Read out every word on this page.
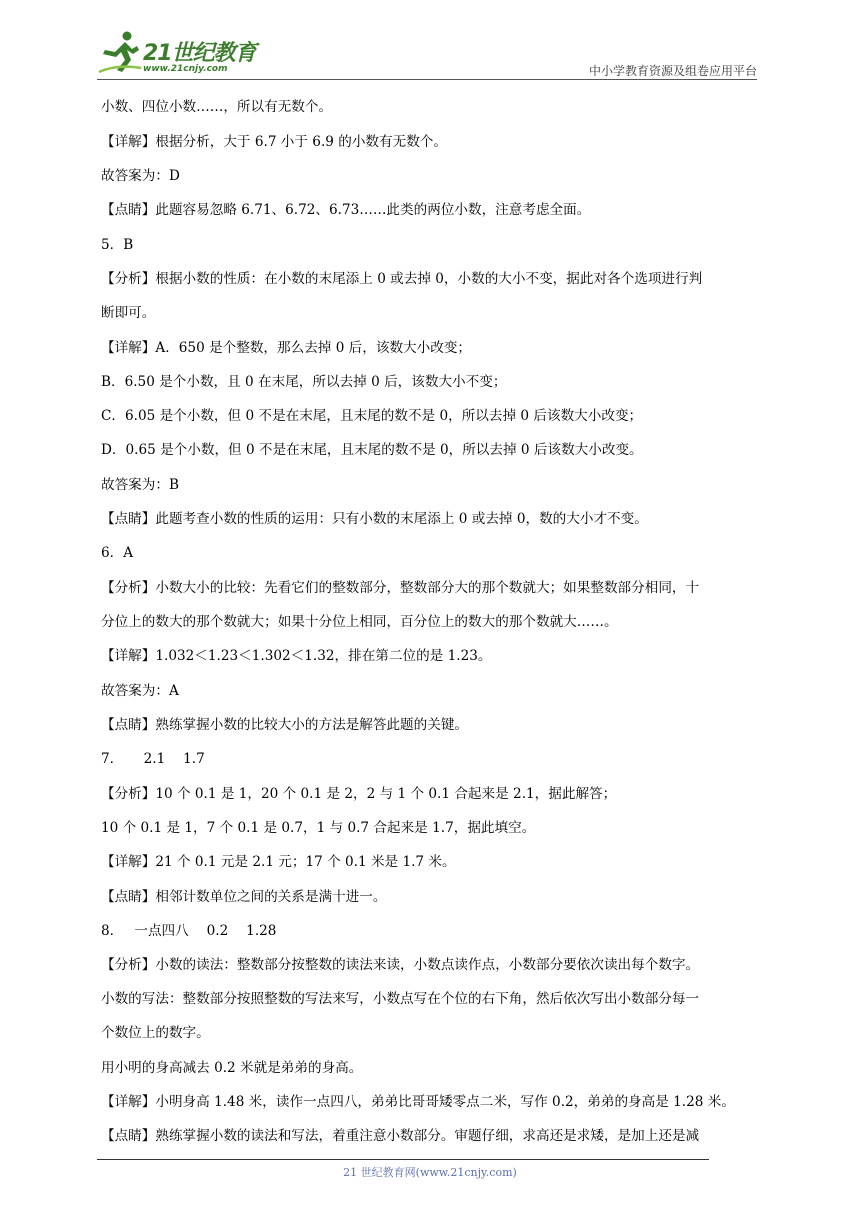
21世纪教育
www.21cnjy.com	中小学教育资源及组卷应用平台
小数、四位小数……，所以有无数个。
【详解】根据分析，大于 6.7 小于 6.9 的小数有无数个。
故答案为：D
【点睛】此题容易忽略 6.71、6.72、6.73……此类的两位小数，注意考虑全面。
5．B
【分析】根据小数的性质：在小数的末尾添上 0 或去掉 0，小数的大小不变，据此对各个选项进行判
断即可。
【详解】A．650 是个整数，那么去掉 0 后，该数大小改变；
B．6.50 是个小数，且 0 在末尾，所以去掉 0 后，该数大小不变；
C．6.05 是个小数，但 0 不是在末尾，且末尾的数不是 0，所以去掉 0 后该数大小改变；
D．0.65 是个小数，但 0 不是在末尾，且末尾的数不是 0，所以去掉 0 后该数大小改变。
故答案为：B
【点睛】此题考查小数的性质的运用：只有小数的末尾添上 0 或去掉 0，数的大小才不变。
6．A
【分析】小数大小的比较：先看它们的整数部分，整数部分大的那个数就大；如果整数部分相同，十
分位上的数大的那个数就大；如果十分位上相同，百分位上的数大的那个数就大……。
【详解】1.032＜1.23＜1.302＜1.32，排在第二位的是 1.23。
故答案为：A
【点睛】熟练掌握小数的比较大小的方法是解答此题的关键。
7．　　2.1　 1.7
【分析】10 个 0.1 是 1，20 个 0.1 是 2，2 与 1 个 0.1 合起来是 2.1，据此解答；
10 个 0.1 是 1，7 个 0.1 是 0.7，1 与 0.7 合起来是 1.7，据此填空。
【详解】21 个 0.1 元是 2.1 元；17 个 0.1 米是 1.7 米。
【点睛】相邻计数单位之间的关系是满十进一。
8．　 一点四八　 0.2　 1.28
【分析】小数的读法：整数部分按整数的读法来读，小数点读作点，小数部分要依次读出每个数字。
小数的写法：整数部分按照整数的写法来写，小数点写在个位的右下角，然后依次写出小数部分每一
个数位上的数字。
用小明的身高减去 0.2 米就是弟弟的身高。
【详解】小明身高 1.48 米，读作一点四八，弟弟比哥哥矮零点二米，写作 0.2，弟弟的身高是 1.28 米。
【点睛】熟练掌握小数的读法和写法，着重注意小数部分。审题仔细，求高还是求矮，是加上还是减
21 世纪教育网(www.21cnjy.com)
